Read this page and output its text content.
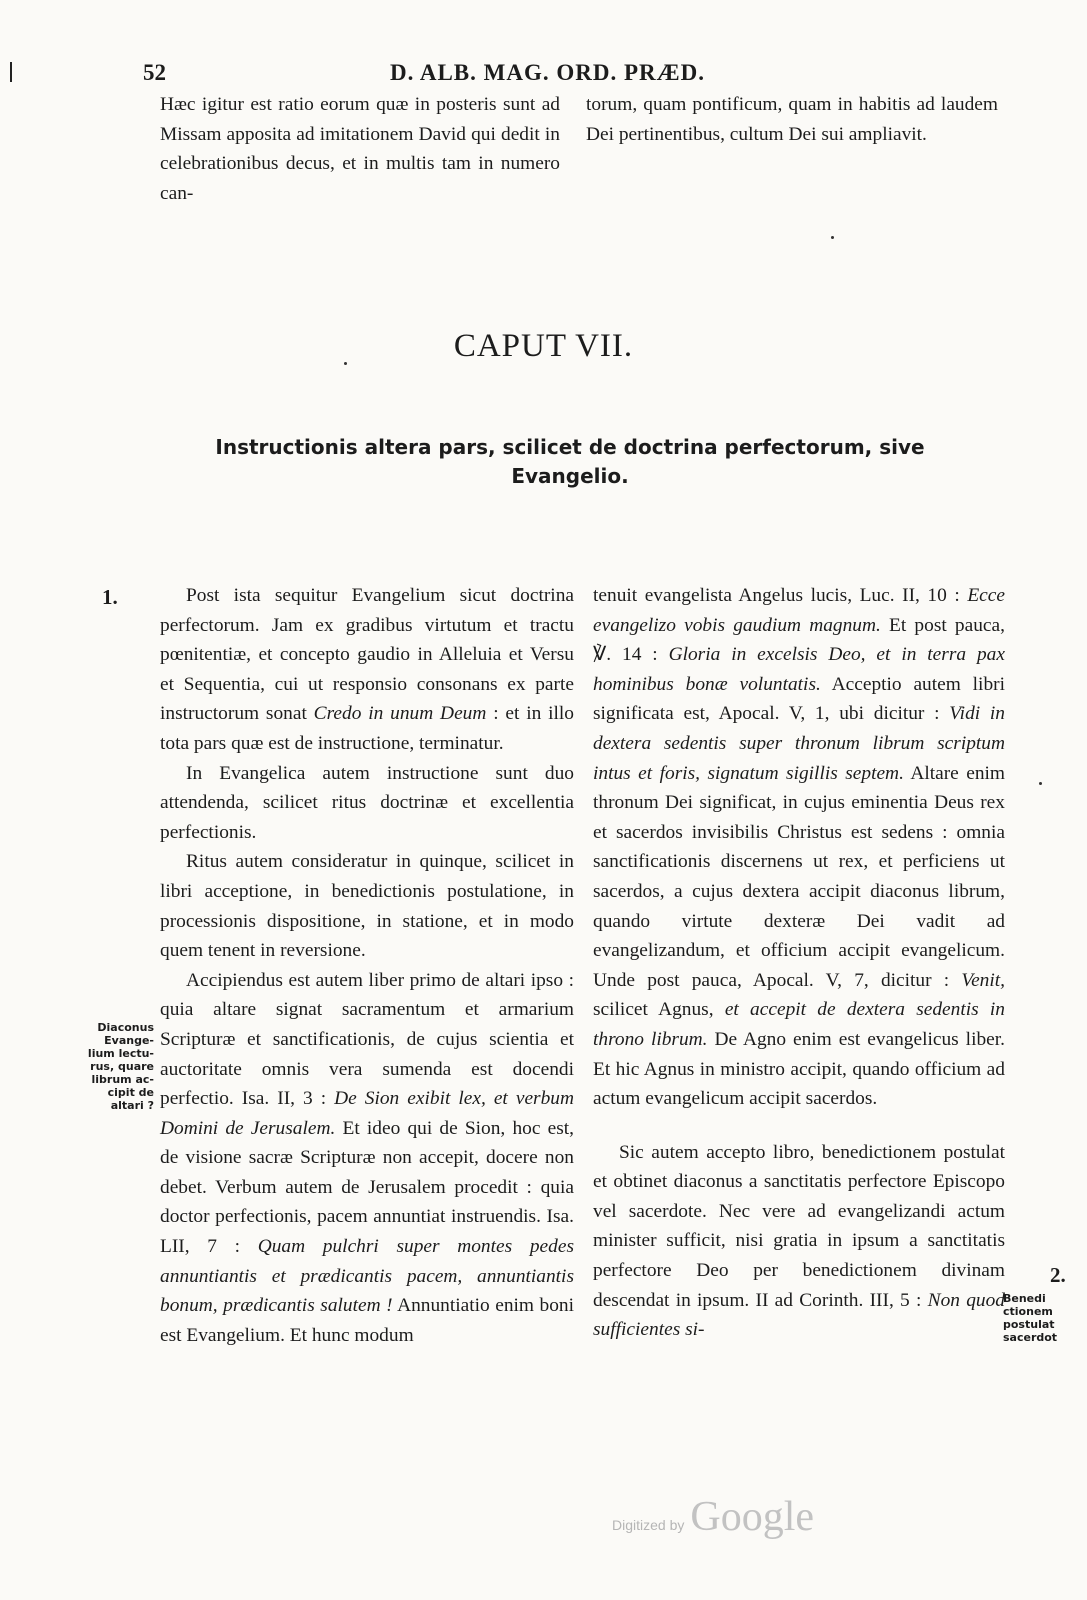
52	D. ALB. MAG. ORD. PRÆD.

Hæc igitur est ratio eorum quæ in posteris sunt ad Missam apposita ad imitationem David qui dedit in celebrationibus decus, et in multis tam in numero can-

torum, quam pontificum, quam in habitis ad laudem Dei pertinentibus, cultum Dei sui ampliavit.

CAPUT VII.
Instructionis altera pars, scilicet de doctrina perfectorum, sive Evangelio.
1.
2.
Diaconus
Evange-
lium lectu-
rus, quare
librum ac-
cipit de
altari ?
Benedi
ctionem
postulat
sacerdot

Post ista sequitur Evangelium sicut doctrina perfectorum. Jam ex gradibus virtutum et tractu pœnitentiæ, et concepto gaudio in Alleluia et Versu et Sequentia, cui ut responsio consonans ex parte instructorum sonat Credo in unum Deum : et in illo tota pars quæ est de instructione, terminatur.

In Evangelica autem instructione sunt duo attendenda, scilicet ritus doctrinæ et excellentia perfectionis.

Ritus autem consideratur in quinque, scilicet in libri acceptione, in benedictionis postulatione, in processionis dispositione, in statione, et in modo quem tenent in reversione.

Accipiendus est autem liber primo de altari ipso : quia altare signat sacramentum et armarium Scripturæ et sanctificationis, de cujus scientia et auctoritate omnis vera sumenda est docendi perfectio. Isa. II, 3 : De Sion exibit lex, et verbum Domini de Jerusalem. Et ideo qui de Sion, hoc est, de visione sacræ Scripturæ non accepit, docere non debet. Verbum autem de Jerusalem procedit : quia doctor perfectionis, pacem annuntiat instruendis. Isa. LII, 7 : Quam pulchri super montes pedes annuntiantis et prædicantis pacem, annuntiantis bonum, prædicantis salutem ! Annuntiatio enim boni est Evangelium. Et hunc modum

tenuit evangelista Angelus lucis, Luc. II, 10 : Ecce evangelizo vobis gaudium magnum. Et post pauca, ℣. 14 : Gloria in excelsis Deo, et in terra pax hominibus bonæ voluntatis. Acceptio autem libri significata est, Apocal. V, 1, ubi dicitur : Vidi in dextera sedentis super thronum librum scriptum intus et foris, signatum sigillis septem. Altare enim thronum Dei significat, in cujus eminentia Deus rex et sacerdos invisibilis Christus est sedens : omnia sanctificationis discernens ut rex, et perficiens ut sacerdos, a cujus dextera accipit diaconus librum, quando virtute dexteræ Dei vadit ad evangelizandum, et officium accipit evangelicum. Unde post pauca, Apocal. V, 7, dicitur : Venit, scilicet Agnus, et accepit de dextera sedentis in throno librum. De Agno enim est evangelicus liber. Et hic Agnus in ministro accipit, quando officium ad actum evangelicum accipit sacerdos.

Sic autem accepto libro, benedictionem postulat et obtinet diaconus a sanctitatis perfectore Episcopo vel sacerdote. Nec vere ad evangelizandi actum minister sufficit, nisi gratia in ipsum a sanctitatis perfectore Deo per benedictionem divinam descendat in ipsum. II ad Corinth. III, 5 : Non quod sufficientes si-

Digitized by Google
